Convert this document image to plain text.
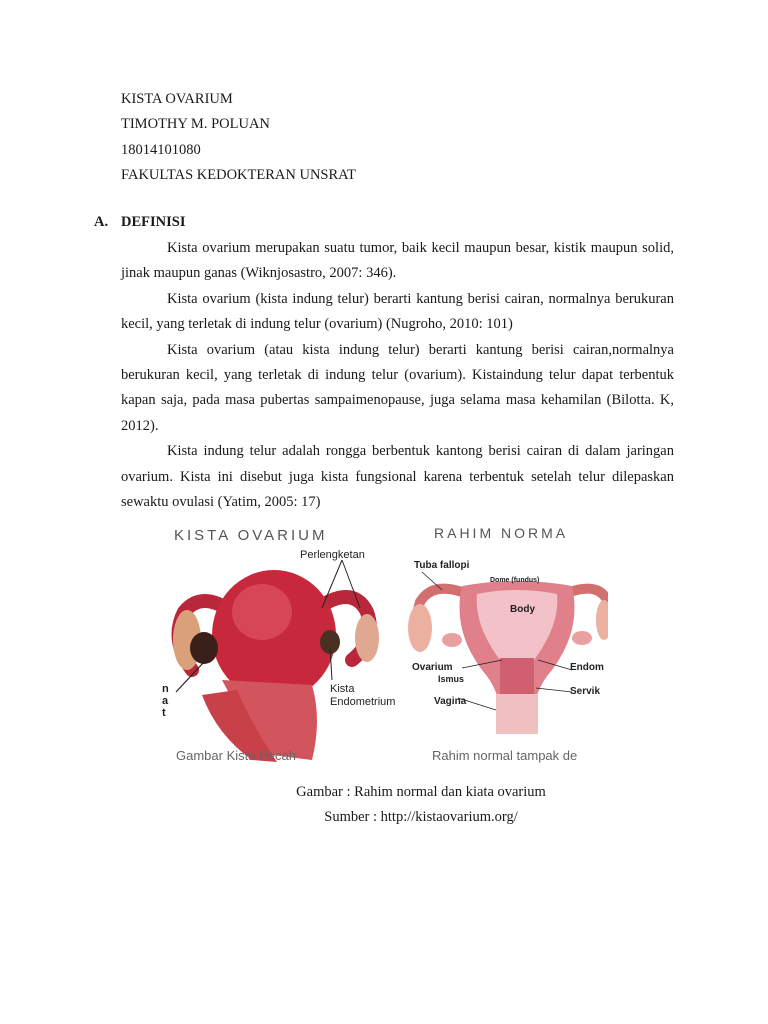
KISTA OVARIUM
TIMOTHY M. POLUAN
18014101080
FAKULTAS KEDOKTERAN UNSRAT
A. DEFINISI

Kista ovarium merupakan suatu tumor, baik kecil maupun besar, kistik maupun solid, jinak maupun ganas (Wiknjosastro, 2007: 346).

Kista ovarium (kista indung telur) berarti kantung berisi cairan, normalnya berukuran kecil, yang terletak di indung telur (ovarium) (Nugroho, 2010: 101)

Kista ovarium (atau kista indung telur) berarti kantung berisi cairan,normalnya berukuran kecil, yang terletak di indung telur (ovarium). Kistaindung telur dapat terbentuk kapan saja, pada masa pubertas sampaimenopause, juga selama masa kehamilan (Bilotta. K, 2012).

Kista indung telur adalah rongga berbentuk kantong berisi cairan di dalam jaringan ovarium. Kista ini disebut juga kista fungsional karena terbentuk setelah telur dilepaskan sewaktu ovulasi (Yatim, 2005: 17)

KISTA OVARIUM
Perlengketan
Kista
Endometrium
n
a
t
Gambar Kista Pecah
RAHIM NORMA
Tuba fallopi
Dome (fundus)
Body
Ovarium
Ismus
Vagina
Endom
Servik
Rahim normal tampak de
Gambar : Rahim normal dan kiata ovarium
Sumber : http://kistaovarium.org/
